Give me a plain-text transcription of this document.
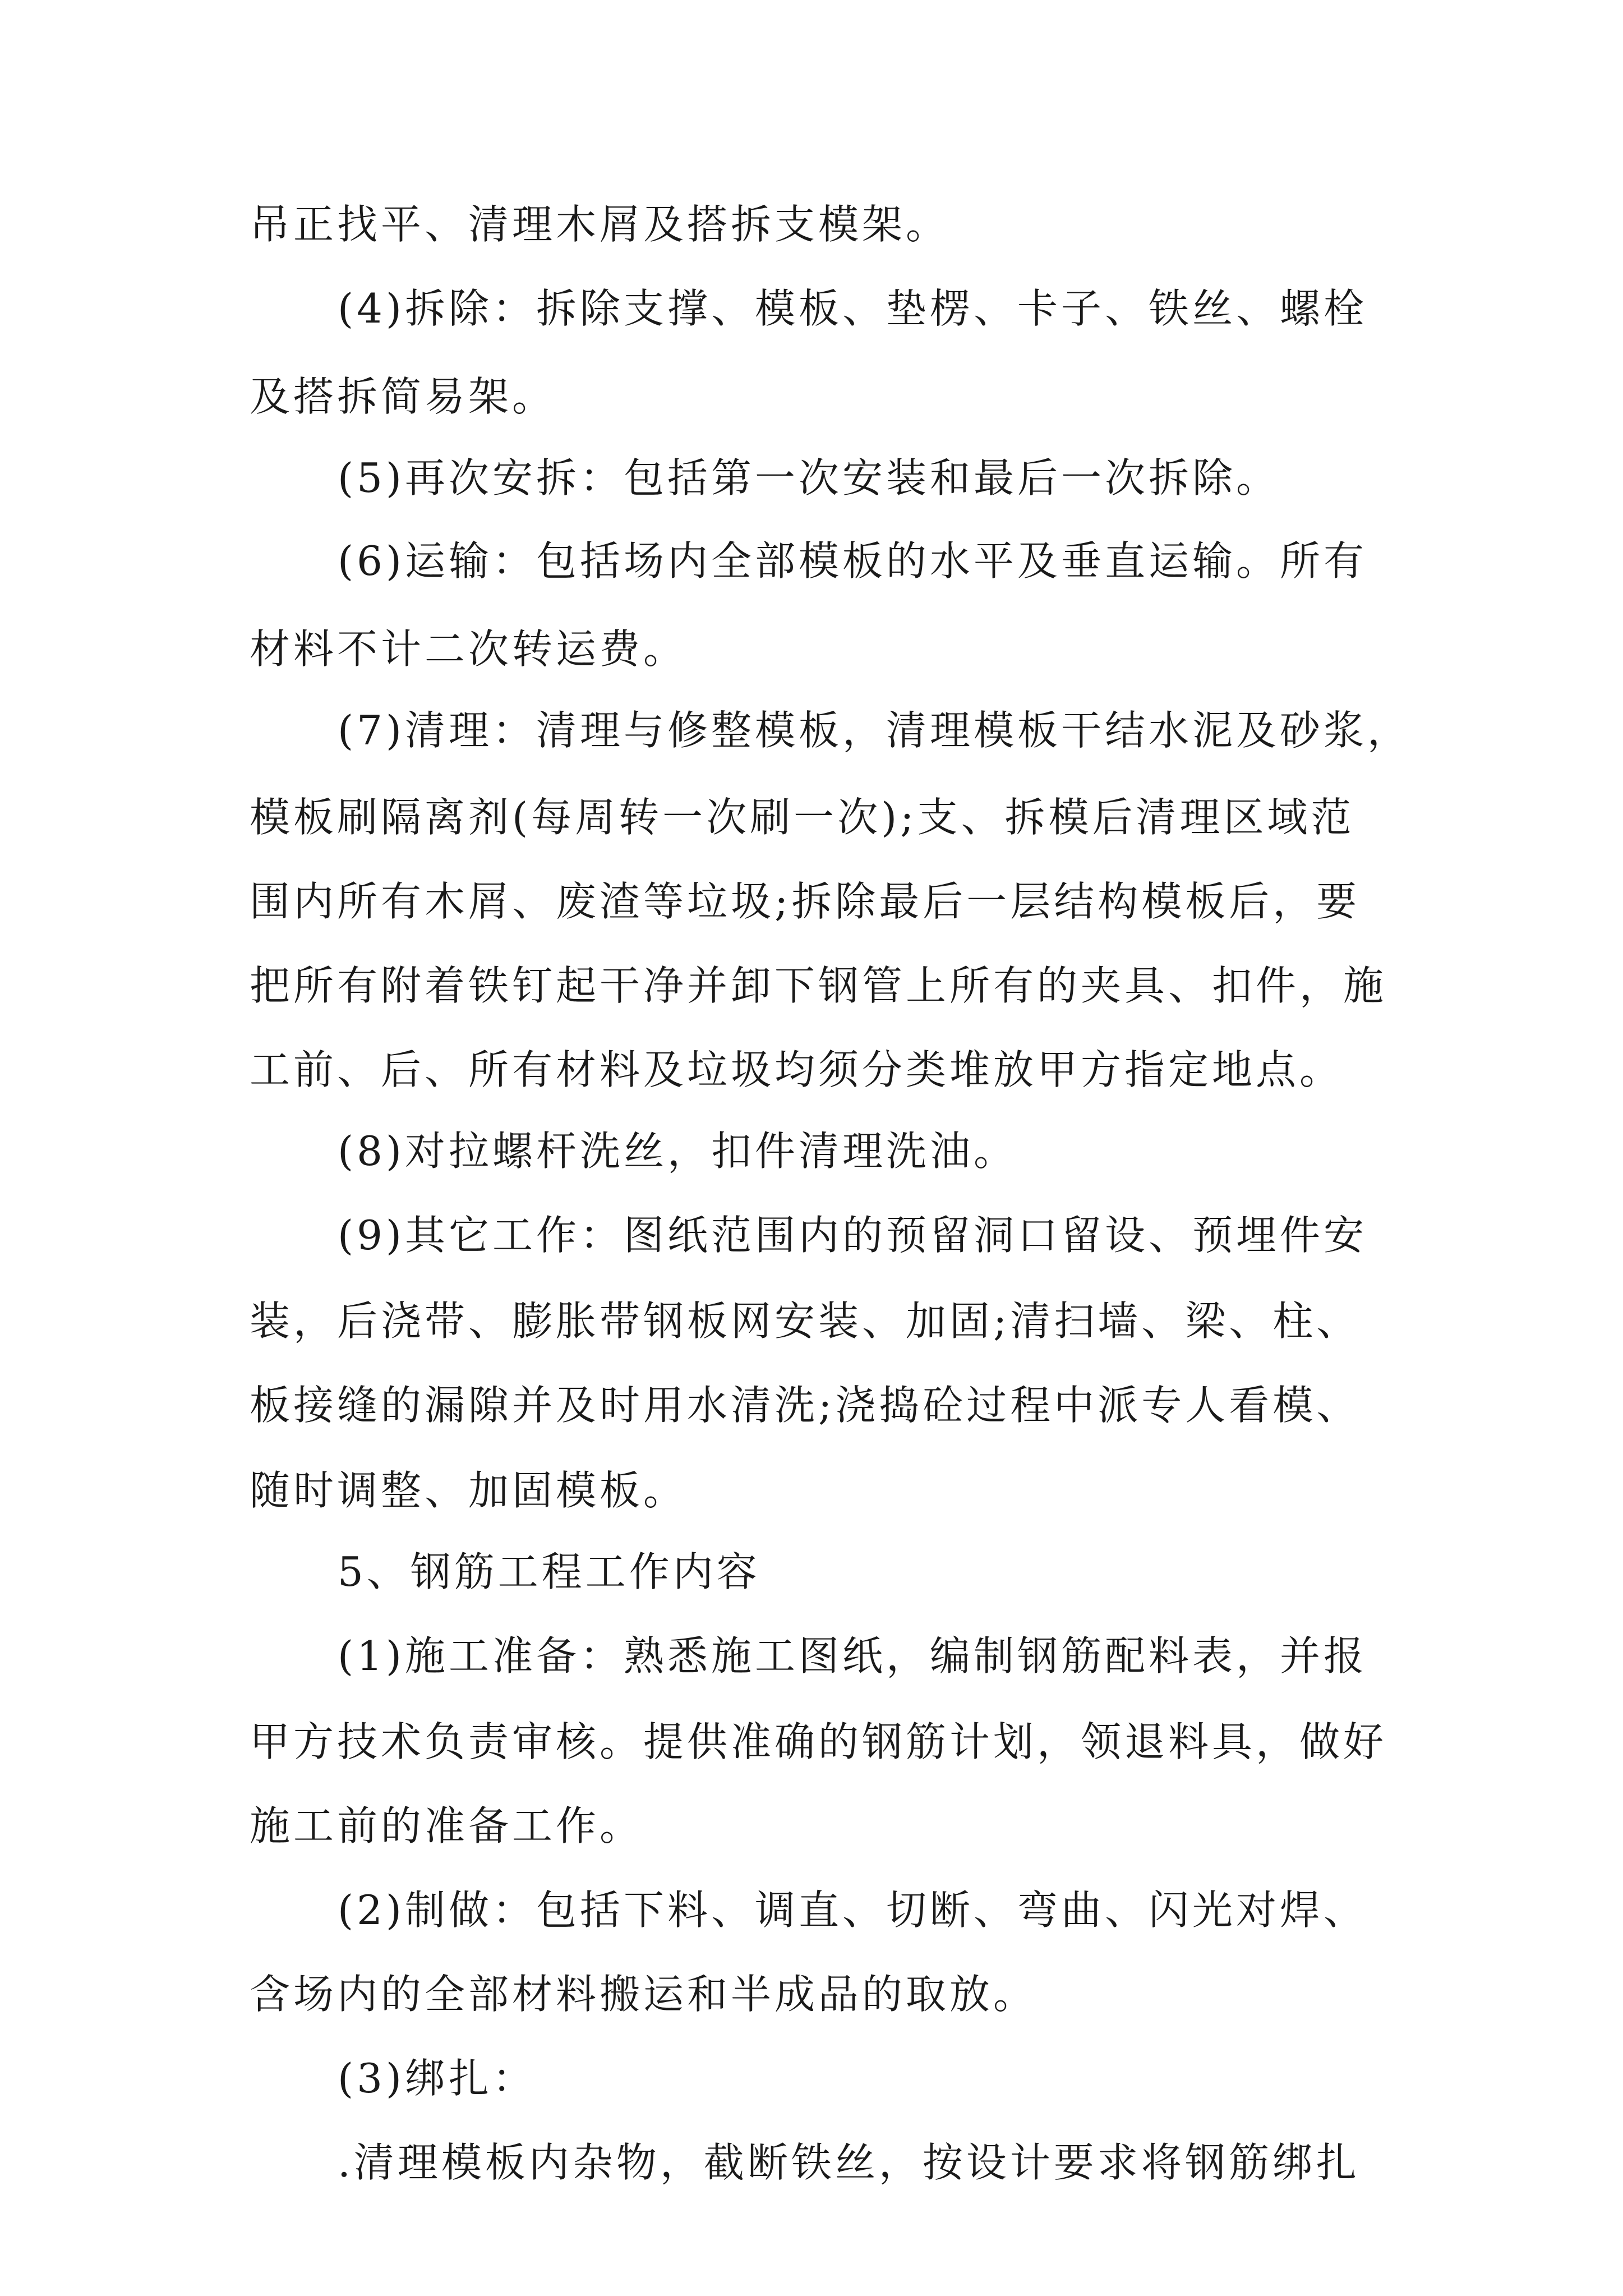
吊正找平、清理木屑及搭拆支模架。
(4)拆除：拆除支撑、模板、垫楞、卡子、铁丝、螺栓
及搭拆简易架。
(5)再次安拆：包括第一次安装和最后一次拆除。
(6)运输：包括场内全部模板的水平及垂直运输。所有
材料不计二次转运费。
(7)清理：清理与修整模板，清理模板干结水泥及砂浆，
模板刷隔离剂(每周转一次刷一次);支、拆模后清理区域范
围内所有木屑、废渣等垃圾;拆除最后一层结构模板后，要
把所有附着铁钉起干净并卸下钢管上所有的夹具、扣件，施
工前、后、所有材料及垃圾均须分类堆放甲方指定地点。
(8)对拉螺杆洗丝，扣件清理洗油。
(9)其它工作：图纸范围内的预留洞口留设、预埋件安
装，后浇带、膨胀带钢板网安装、加固;清扫墙、梁、柱、
板接缝的漏隙并及时用水清洗;浇捣砼过程中派专人看模、
随时调整、加固模板。
5、钢筋工程工作内容
(1)施工准备：熟悉施工图纸，编制钢筋配料表，并报
甲方技术负责审核。提供准确的钢筋计划，领退料具，做好
施工前的准备工作。
(2)制做：包括下料、调直、切断、弯曲、闪光对焊、
含场内的全部材料搬运和半成品的取放。
(3)绑扎：
.清理模板内杂物，截断铁丝，按设计要求将钢筋绑扎
